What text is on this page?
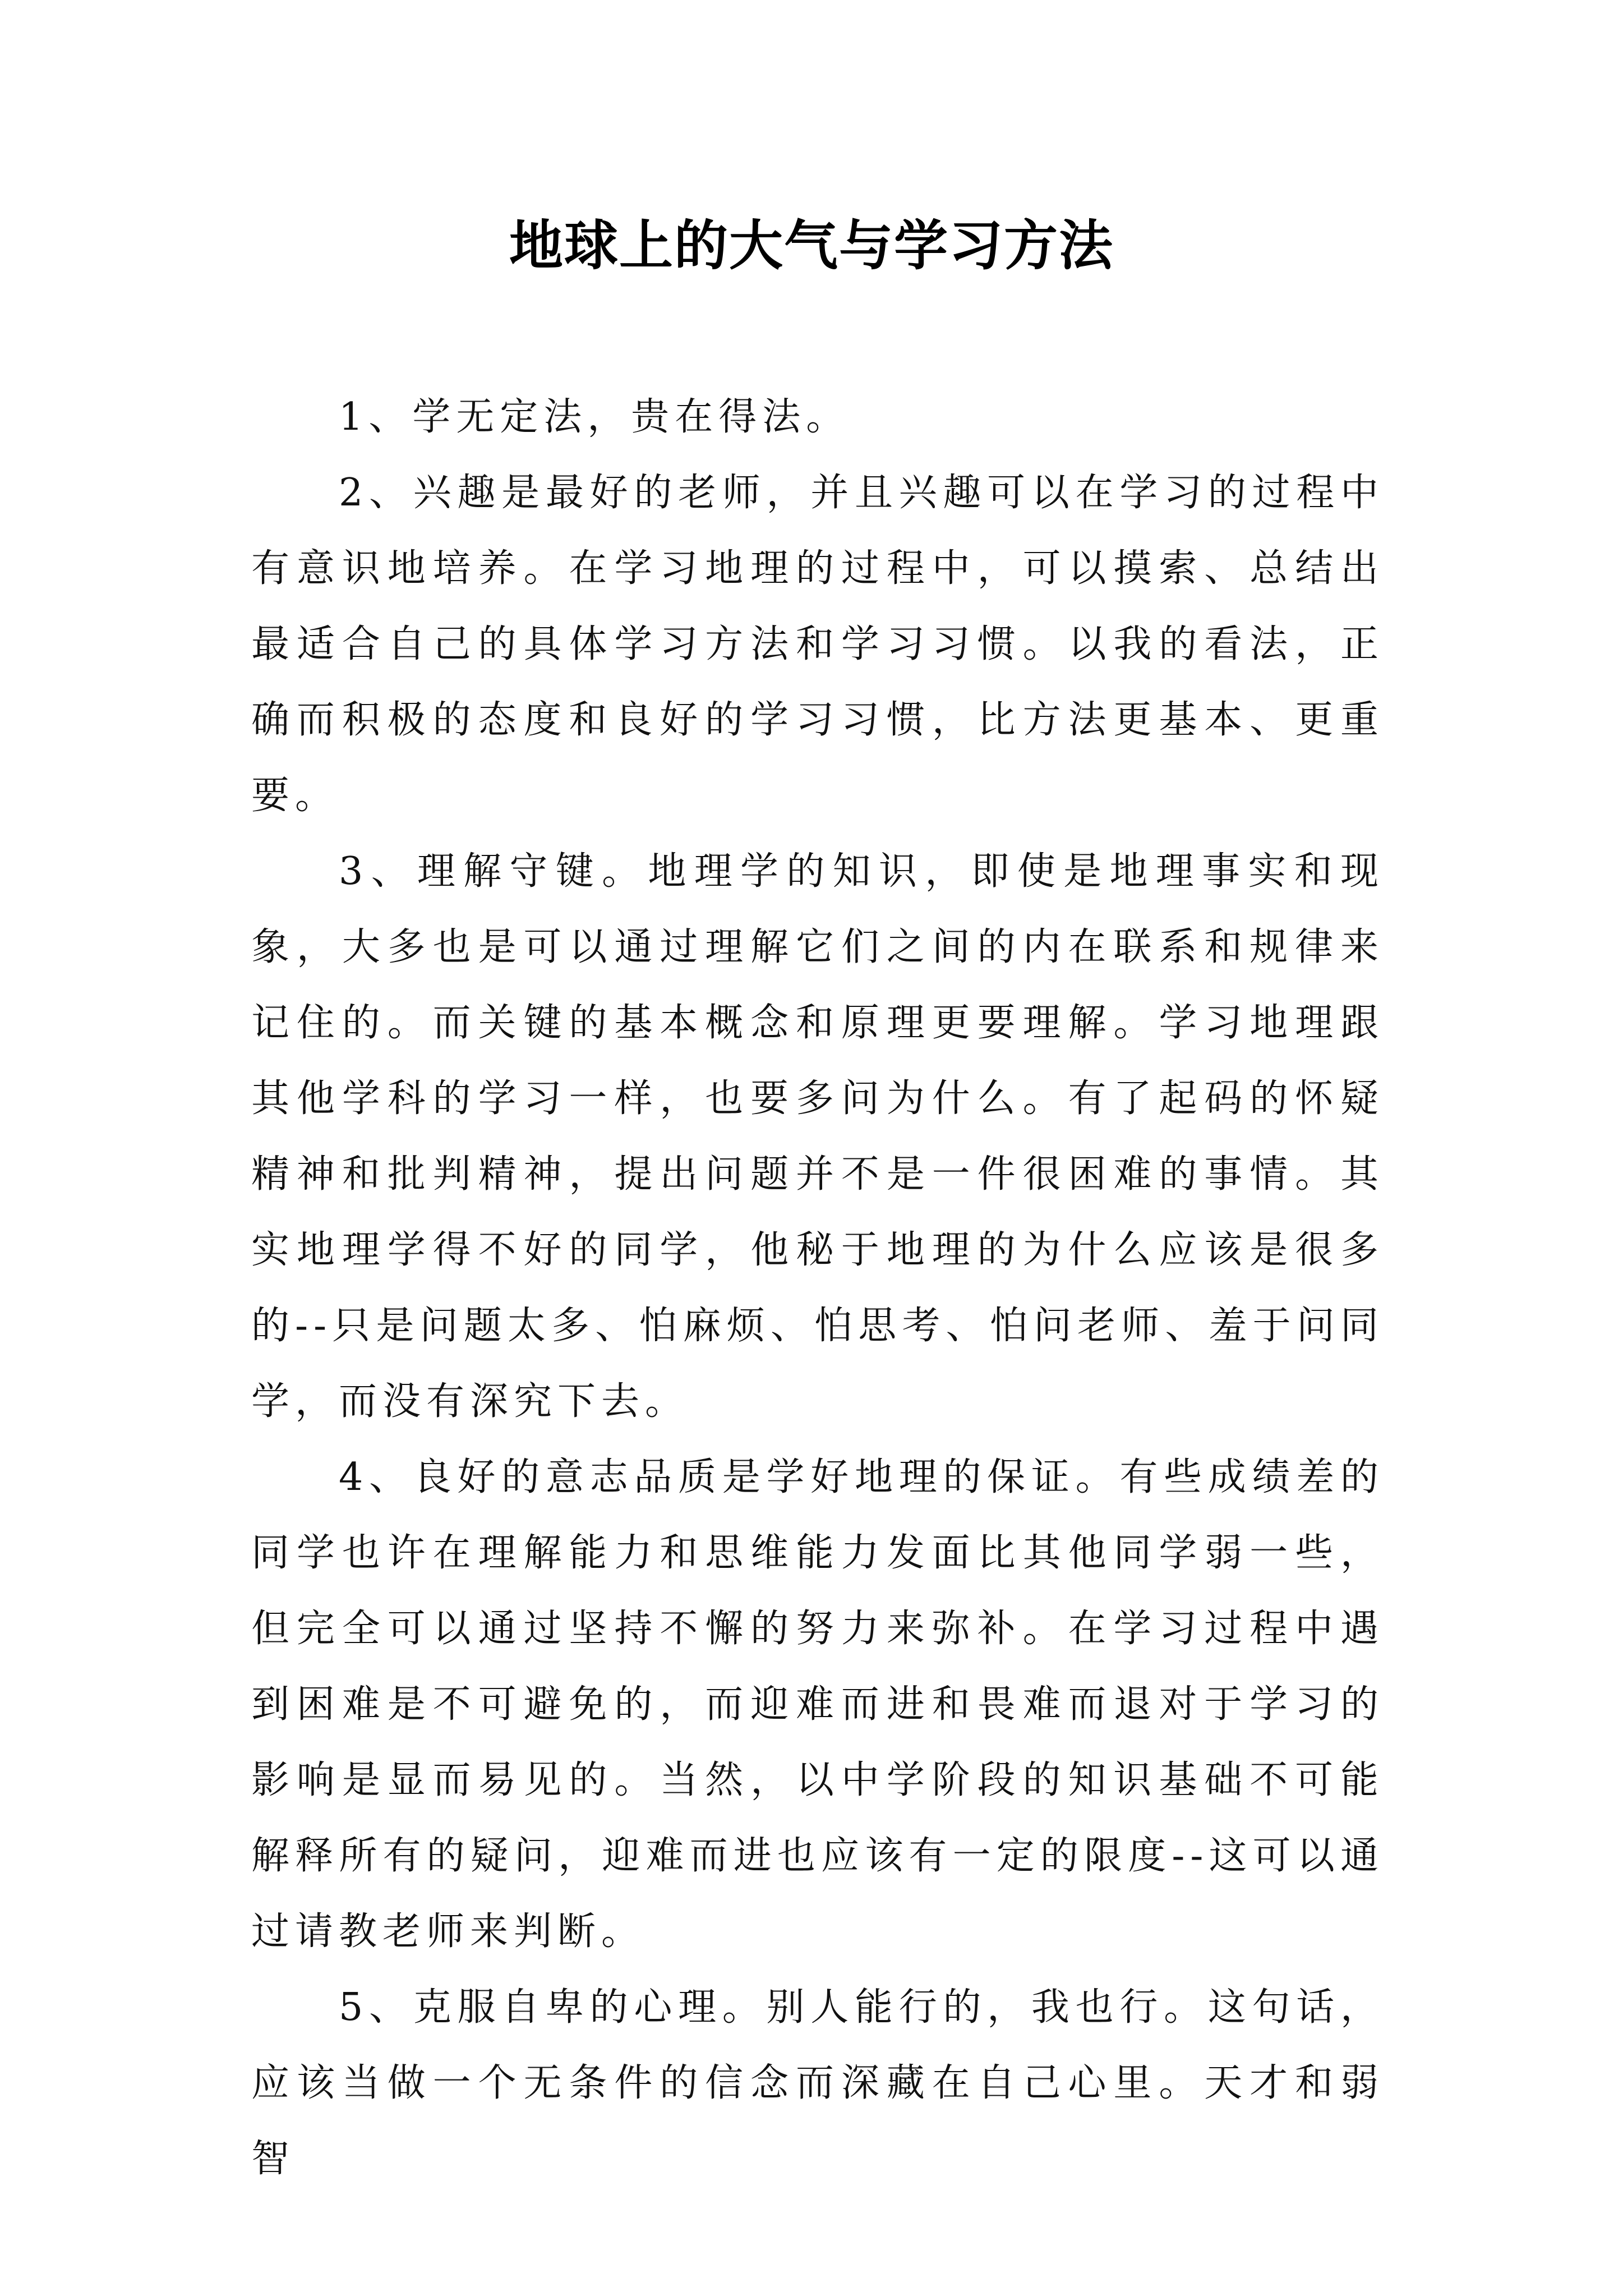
地球上的大气与学习方法

1、学无定法，贵在得法。

2、兴趣是最好的老师，并且兴趣可以在学习的过程中有意识地培养。在学习地理的过程中，可以摸索、总结出最适合自己的具体学习方法和学习习惯。以我的看法，正确而积极的态度和良好的学习习惯，比方法更基本、更重要。

3、理解守键。地理学的知识，即使是地理事实和现象，大多也是可以通过理解它们之间的内在联系和规律来记住的。而关键的基本概念和原理更要理解。学习地理跟其他学科的学习一样，也要多问为什么。有了起码的怀疑精神和批判精神，提出问题并不是一件很困难的事情。其实地理学得不好的同学，他秘于地理的为什么应该是很多的--只是问题太多、怕麻烦、怕思考、怕问老师、羞于问同学，而没有深究下去。

4、良好的意志品质是学好地理的保证。有些成绩差的同学也许在理解能力和思维能力发面比其他同学弱一些，但完全可以通过坚持不懈的努力来弥补。在学习过程中遇到困难是不可避免的，而迎难而进和畏难而退对于学习的影响是显而易见的。当然，以中学阶段的知识基础不可能解释所有的疑问，迎难而进也应该有一定的限度--这可以通过请教老师来判断。

5、克服自卑的心理。别人能行的，我也行。这句话，应该当做一个无条件的信念而深藏在自己心里。天才和弱智
